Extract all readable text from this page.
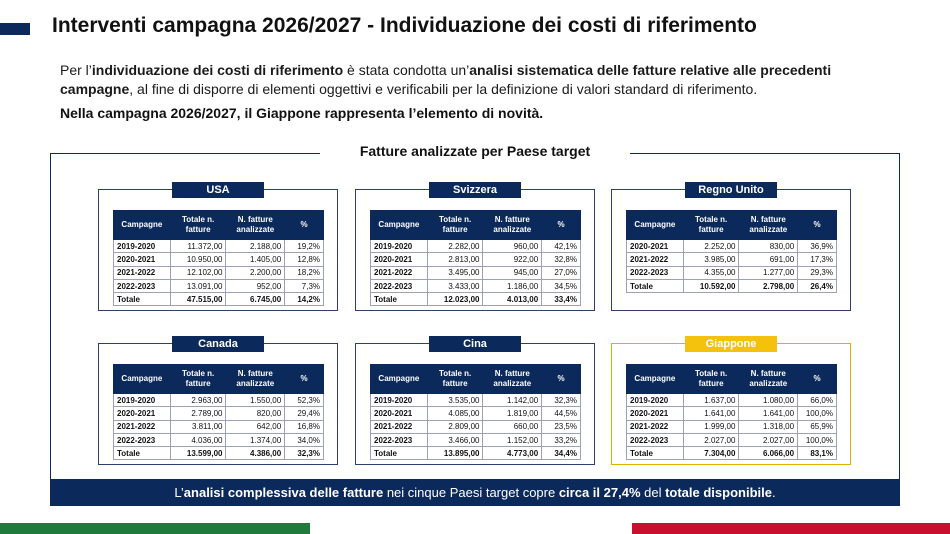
Interventi campagna 2026/2027 - Individuazione dei costi di riferimento
Per l’individuazione dei costi di riferimento è stata condotta un’analisi sistematica delle fatture relative alle precedenti campagne, al fine di disporre di elementi oggettivi e verificabili per la definizione di valori standard di riferimento.
Nella campagna 2026/2027, il Giappone rappresenta l’elemento di novità.
Fatture analizzate per Paese target
USA
Campagne	Totale n. fatture	N. fatture analizzate	%
2019-2020	11.372,00	2.188,00	19,2%
2020-2021	10.950,00	1.405,00	12,8%
2021-2022	12.102,00	2.200,00	18,2%
2022-2023	13.091,00	952,00	7,3%
Totale	47.515,00	6.745,00	14,2%
Svizzera
Campagne	Totale n. fatture	N. fatture analizzate	%
2019-2020	2.282,00	960,00	42,1%
2020-2021	2.813,00	922,00	32,8%
2021-2022	3.495,00	945,00	27,0%
2022-2023	3.433,00	1.186,00	34,5%
Totale	12.023,00	4.013,00	33,4%
Regno Unito
Campagne	Totale n. fatture	N. fatture analizzate	%
2020-2021	2.252,00	830,00	36,9%
2021-2022	3.985,00	691,00	17,3%
2022-2023	4.355,00	1.277,00	29,3%
Totale	10.592,00	2.798,00	26,4%
Canada
Campagne	Totale n. fatture	N. fatture analizzate	%
2019-2020	2.963,00	1.550,00	52,3%
2020-2021	2.789,00	820,00	29,4%
2021-2022	3.811,00	642,00	16,8%
2022-2023	4.036,00	1.374,00	34,0%
Totale	13.599,00	4.386,00	32,3%
Cina
Campagne	Totale n. fatture	N. fatture analizzate	%
2019-2020	3.535,00	1.142,00	32,3%
2020-2021	4.085,00	1.819,00	44,5%
2021-2022	2.809,00	660,00	23,5%
2022-2023	3.466,00	1.152,00	33,2%
Totale	13.895,00	4.773,00	34,4%
Giappone
Campagne	Totale n. fatture	N. fatture analizzate	%
2019-2020	1.637,00	1.080,00	66,0%
2020-2021	1.641,00	1.641,00	100,0%
2021-2022	1.999,00	1.318,00	65,9%
2022-2023	2.027,00	2.027,00	100,0%
Totale	7.304,00	6.066,00	83,1%
L’analisi complessiva delle fatture nei cinque Paesi target copre circa il 27,4% del totale disponibile.
